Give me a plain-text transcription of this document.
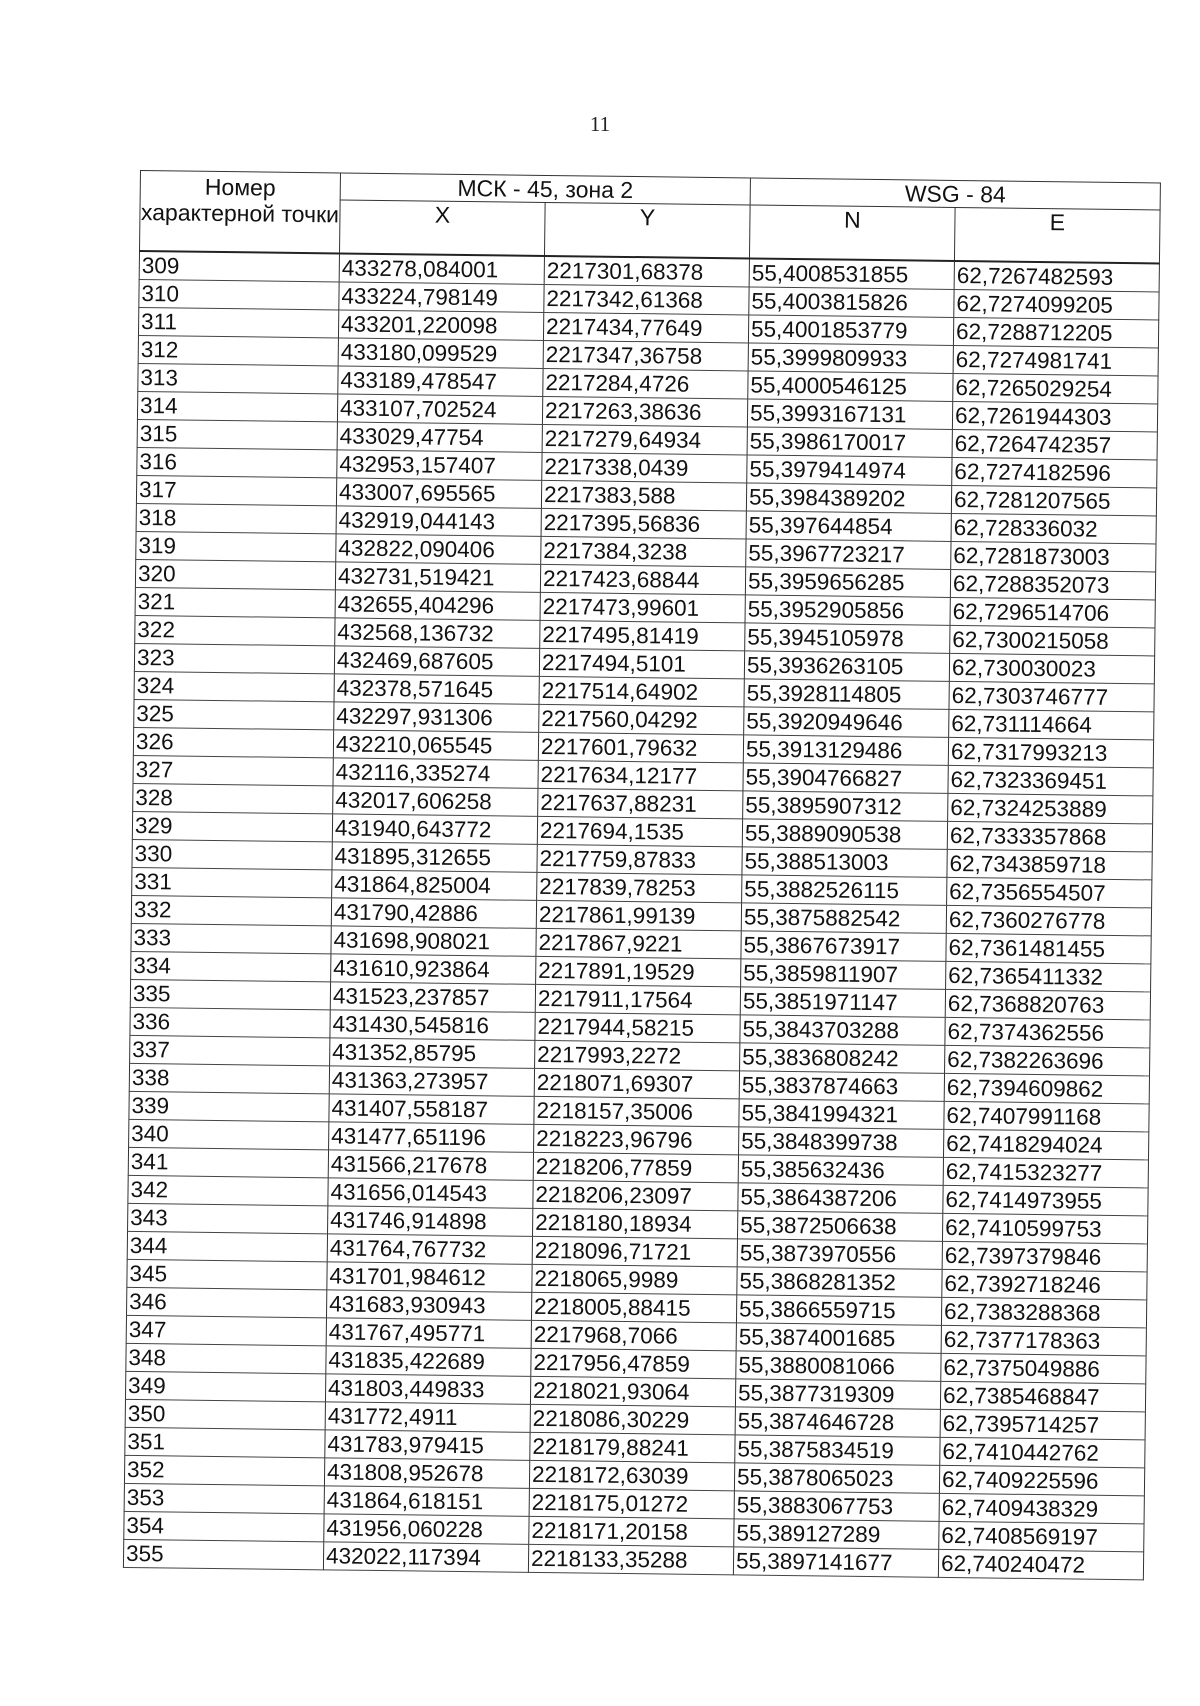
11
Номер характерной точки	МСК - 45, зона 2		WSG - 84	
	X	Y	N	E
309	433278,084001	2217301,68378	55,4008531855	62,7267482593
310	433224,798149	2217342,61368	55,4003815826	62,7274099205
311	433201,220098	2217434,77649	55,4001853779	62,7288712205
312	433180,099529	2217347,36758	55,3999809933	62,7274981741
313	433189,478547	2217284,4726	55,4000546125	62,7265029254
314	433107,702524	2217263,38636	55,3993167131	62,7261944303
315	433029,47754	2217279,64934	55,3986170017	62,7264742357
316	432953,157407	2217338,0439	55,3979414974	62,7274182596
317	433007,695565	2217383,588	55,3984389202	62,7281207565
318	432919,044143	2217395,56836	55,397644854	62,728336032
319	432822,090406	2217384,3238	55,3967723217	62,7281873003
320	432731,519421	2217423,68844	55,3959656285	62,7288352073
321	432655,404296	2217473,99601	55,3952905856	62,7296514706
322	432568,136732	2217495,81419	55,3945105978	62,7300215058
323	432469,687605	2217494,5101	55,3936263105	62,730030023
324	432378,571645	2217514,64902	55,3928114805	62,7303746777
325	432297,931306	2217560,04292	55,3920949646	62,731114664
326	432210,065545	2217601,79632	55,3913129486	62,7317993213
327	432116,335274	2217634,12177	55,3904766827	62,7323369451
328	432017,606258	2217637,88231	55,3895907312	62,7324253889
329	431940,643772	2217694,1535	55,3889090538	62,7333357868
330	431895,312655	2217759,87833	55,388513003	62,7343859718
331	431864,825004	2217839,78253	55,3882526115	62,7356554507
332	431790,42886	2217861,99139	55,3875882542	62,7360276778
333	431698,908021	2217867,9221	55,3867673917	62,7361481455
334	431610,923864	2217891,19529	55,3859811907	62,7365411332
335	431523,237857	2217911,17564	55,3851971147	62,7368820763
336	431430,545816	2217944,58215	55,3843703288	62,7374362556
337	431352,85795	2217993,2272	55,3836808242	62,7382263696
338	431363,273957	2218071,69307	55,3837874663	62,7394609862
339	431407,558187	2218157,35006	55,3841994321	62,7407991168
340	431477,651196	2218223,96796	55,3848399738	62,7418294024
341	431566,217678	2218206,77859	55,385632436	62,7415323277
342	431656,014543	2218206,23097	55,3864387206	62,7414973955
343	431746,914898	2218180,18934	55,3872506638	62,7410599753
344	431764,767732	2218096,71721	55,3873970556	62,7397379846
345	431701,984612	2218065,9989	55,3868281352	62,7392718246
346	431683,930943	2218005,88415	55,3866559715	62,7383288368
347	431767,495771	2217968,7066	55,3874001685	62,7377178363
348	431835,422689	2217956,47859	55,3880081066	62,7375049886
349	431803,449833	2218021,93064	55,3877319309	62,7385468847
350	431772,4911	2218086,30229	55,3874646728	62,7395714257
351	431783,979415	2218179,88241	55,3875834519	62,7410442762
352	431808,952678	2218172,63039	55,3878065023	62,7409225596
353	431864,618151	2218175,01272	55,3883067753	62,7409438329
354	431956,060228	2218171,20158	55,389127289	62,7408569197
355	432022,117394	2218133,35288	55,3897141677	62,740240472
